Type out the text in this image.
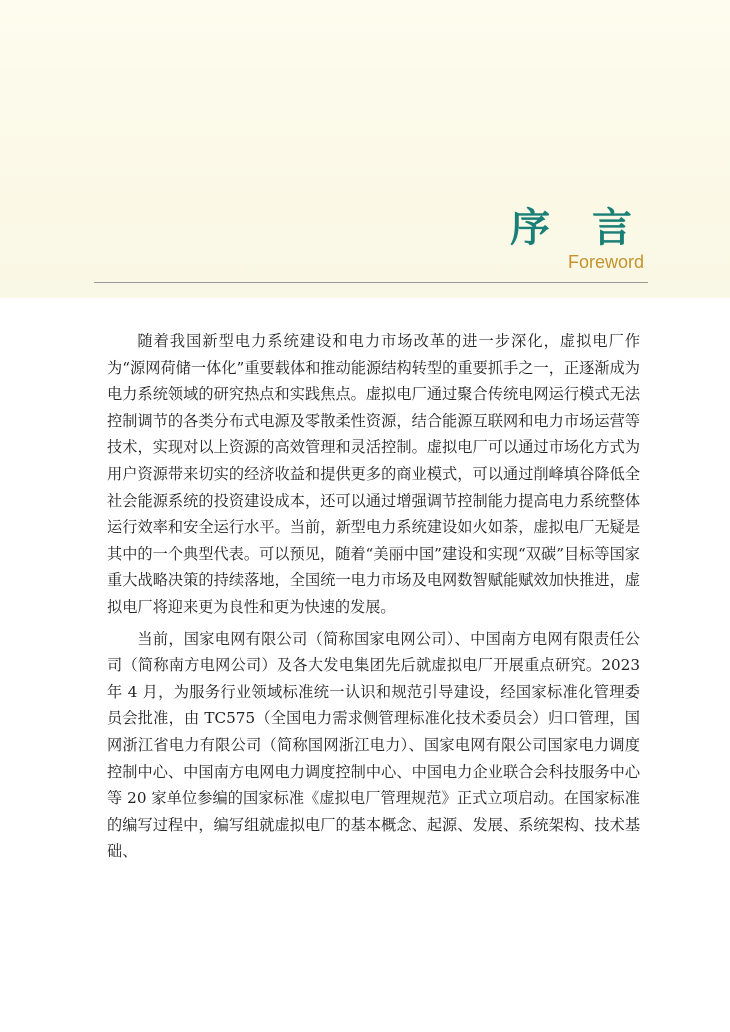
序 言
Foreword

随着我国新型电力系统建设和电力市场改革的进一步深化，虚拟电厂作为“源网荷储一体化”重要载体和推动能源结构转型的重要抓手之一，正逐渐成为电力系统领域的研究热点和实践焦点。虚拟电厂通过聚合传统电网运行模式无法控制调节的各类分布式电源及零散柔性资源，结合能源互联网和电力市场运营等技术，实现对以上资源的高效管理和灵活控制。虚拟电厂可以通过市场化方式为用户资源带来切实的经济收益和提供更多的商业模式，可以通过削峰填谷降低全社会能源系统的投资建设成本，还可以通过增强调节控制能力提高电力系统整体运行效率和安全运行水平。当前，新型电力系统建设如火如荼，虚拟电厂无疑是其中的一个典型代表。可以预见，随着“美丽中国”建设和实现“双碳”目标等国家重大战略决策的持续落地，全国统一电力市场及电网数智赋能赋效加快推进，虚拟电厂将迎来更为良性和更为快速的发展。

当前，国家电网有限公司（简称国家电网公司）、中国南方电网有限责任公司（简称南方电网公司）及各大发电集团先后就虚拟电厂开展重点研究。2023 年 4 月，为服务行业领域标准统一认识和规范引导建设，经国家标准化管理委员会批准，由 TC575（全国电力需求侧管理标准化技术委员会）归口管理，国网浙江省电力有限公司（简称国网浙江电力）、国家电网有限公司国家电力调度控制中心、中国南方电网电力调度控制中心、中国电力企业联合会科技服务中心等 20 家单位参编的国家标准《虚拟电厂管理规范》正式立项启动。在国家标准的编写过程中，编写组就虚拟电厂的基本概念、起源、发展、系统架构、技术基础、
